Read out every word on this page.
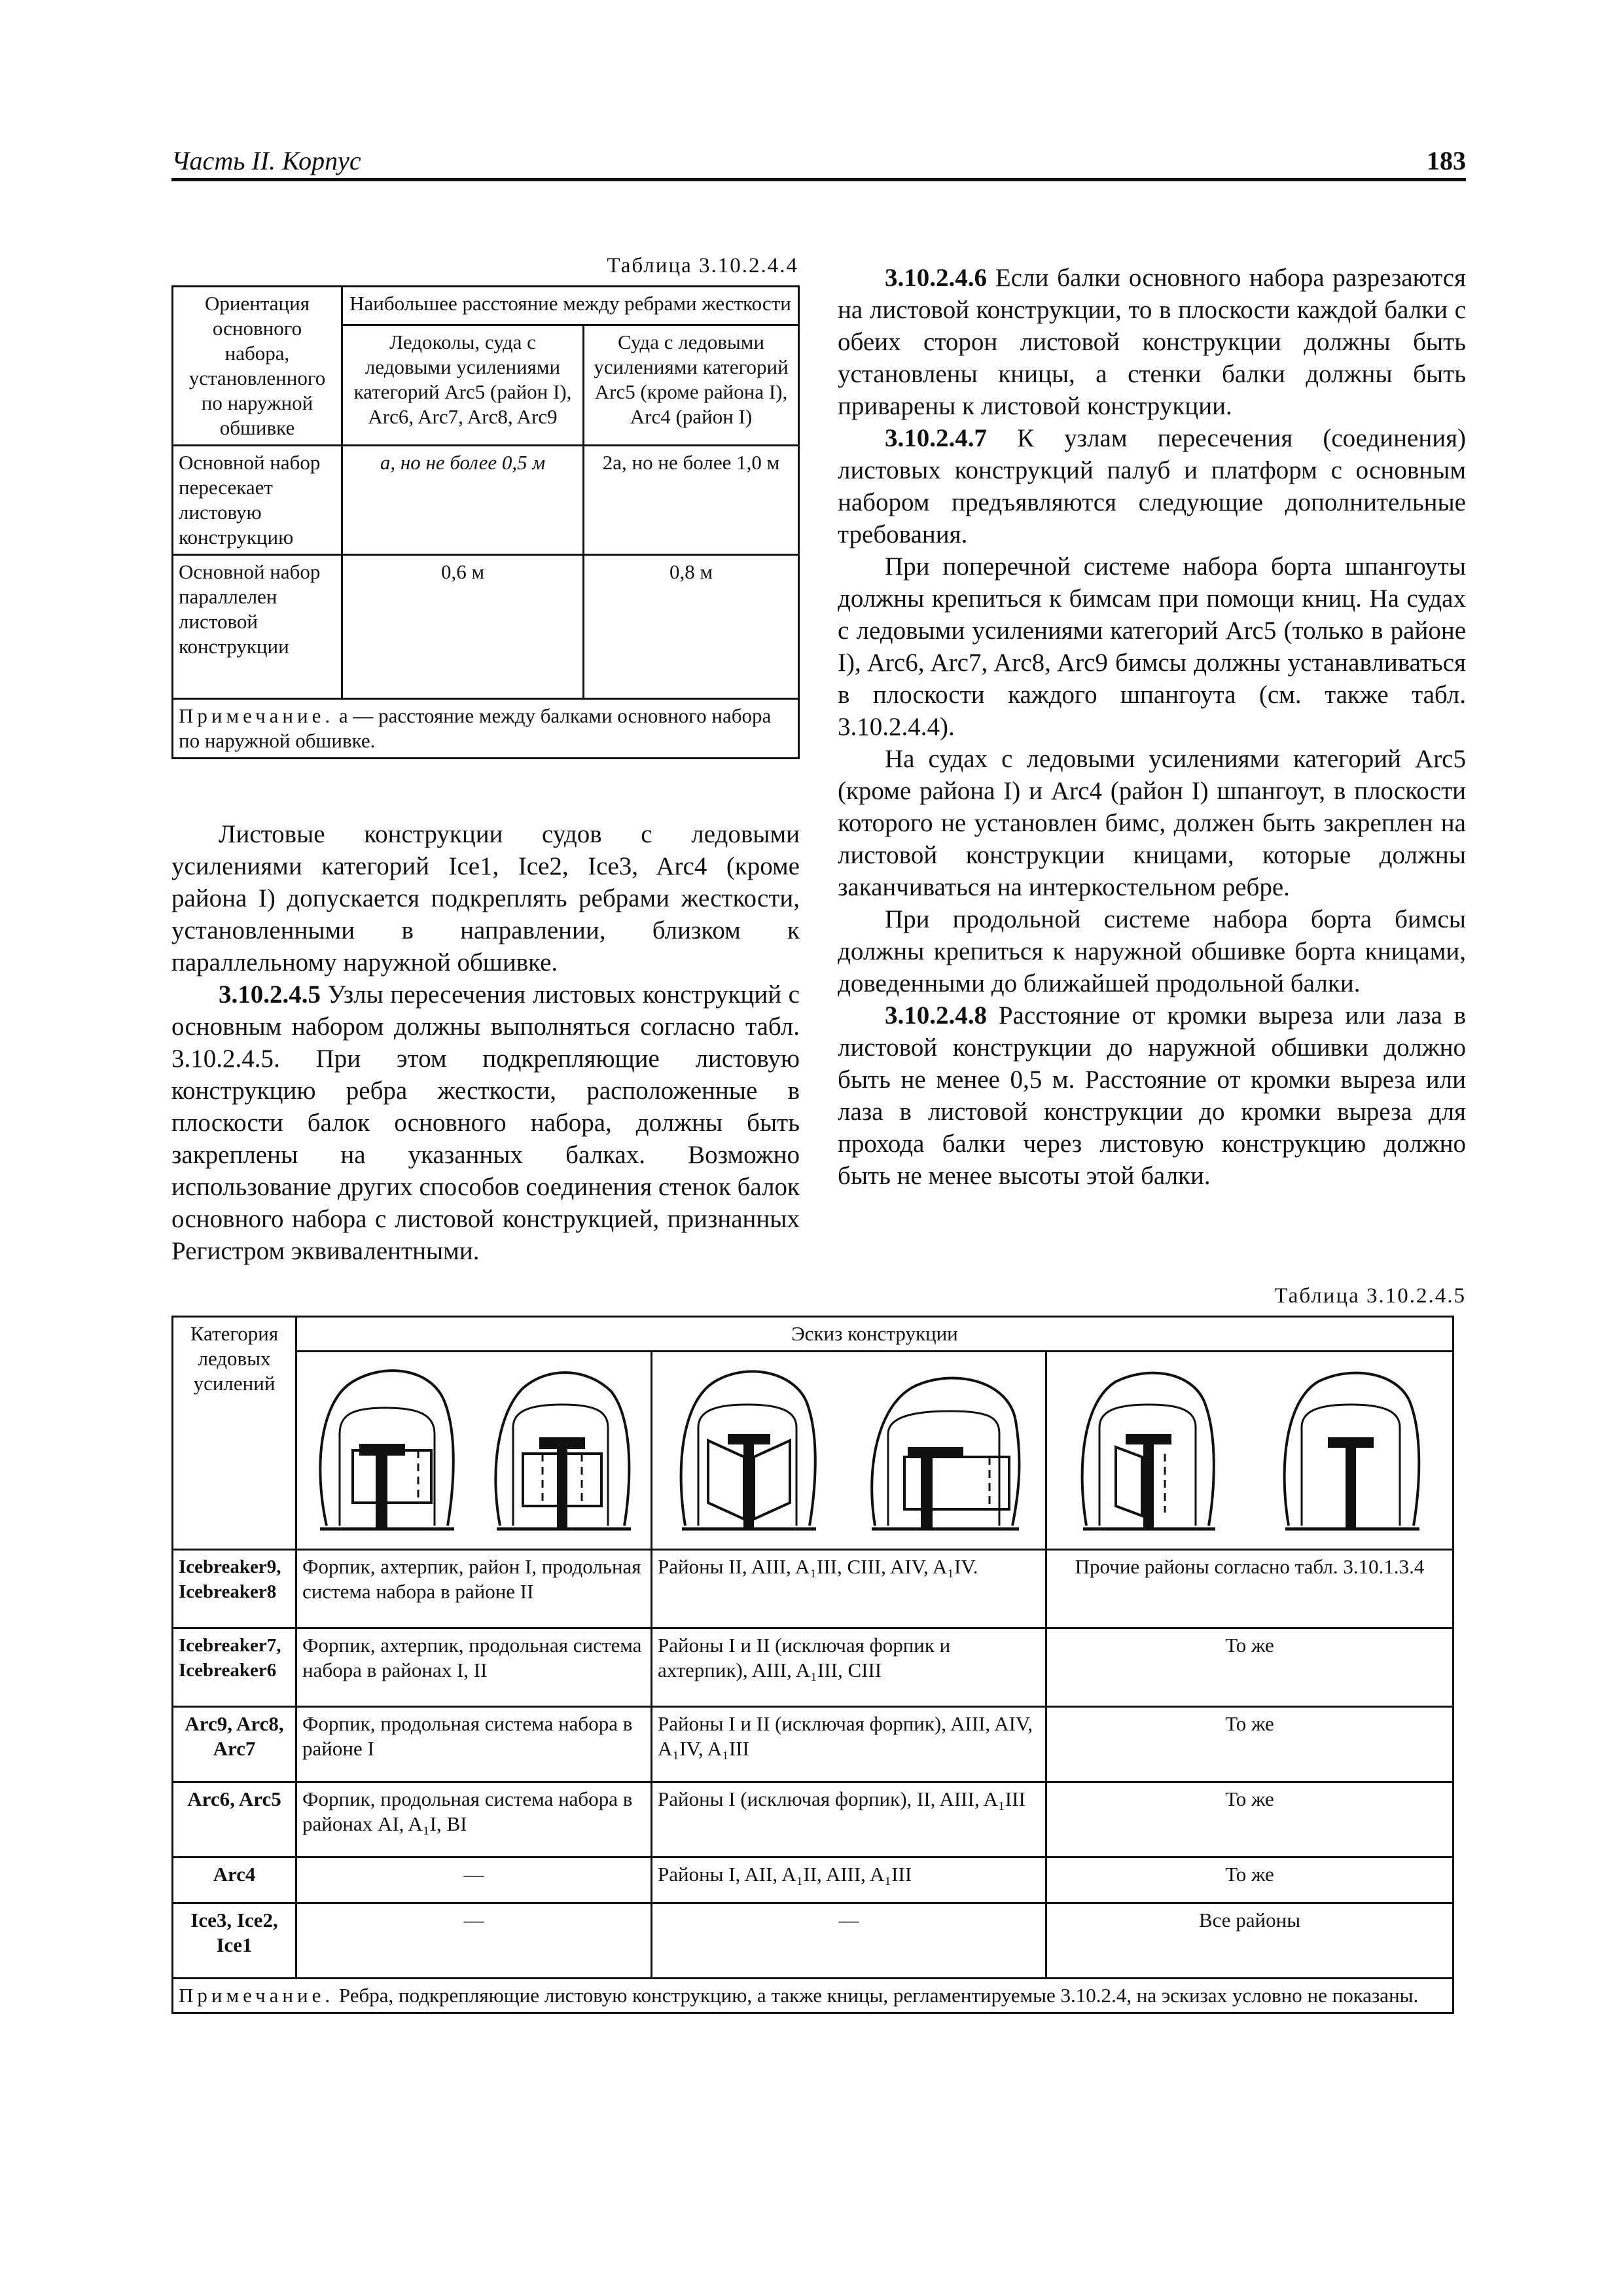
Часть II. Корпус	183
Таблица 3.10.2.4.4
Ориентация основного набора, установленного по наружной обшивке	Наибольшее расстояние между ребрами жесткости	
	Ледоколы, суда с ледовыми усилениями категорий Arc5 (район I), Arc6, Arc7, Arc8, Arc9	Суда с ледовыми усилениями категорий Arc5 (кроме района I), Arc4 (район I)
Основной набор пересекает листовую конструкцию	a, но не более 0,5 м	2a, но не более 1,0 м
Основной набор параллелен листовой конструкции	0,6 м	0,8 м
Примечание. a — расстояние между балками основного набора по наружной обшивке.		

Листовые конструкции судов с ледовыми усилениями категорий Ice1, Ice2, Ice3, Arc4 (кроме района I) допускается подкреплять ребрами жесткости, установленными в направлении, близком к параллельному наружной обшивке.

3.10.2.4.5 Узлы пересечения листовых конструкций с основным набором должны выполняться согласно табл. 3.10.2.4.5. При этом подкрепляющие листовую конструкцию ребра жесткости, расположенные в плоскости балок основного набора, должны быть закреплены на указанных балках. Возможно использование других способов соединения стенок балок основного набора с листовой конструкцией, признанных Регистром эквивалентными.

3.10.2.4.6 Если балки основного набора разрезаются на листовой конструкции, то в плоскости каждой балки с обеих сторон листовой конструкции должны быть установлены кницы, а стенки балки должны быть приварены к листовой конструкции.

3.10.2.4.7 К узлам пересечения (соединения) листовых конструкций палуб и платформ с основным набором предъявляются следующие дополнительные требования.

При поперечной системе набора борта шпангоуты должны крепиться к бимсам при помощи книц. На судах с ледовыми усилениями категорий Arc5 (только в районе I), Arc6, Arc7, Arc8, Arc9 бимсы должны устанавливаться в плоскости каждого шпангоута (см. также табл. 3.10.2.4.4).

На судах с ледовыми усилениями категорий Arc5 (кроме района I) и Arc4 (район I) шпангоут, в плоскости которого не установлен бимс, должен быть закреплен на листовой конструкции кницами, которые должны заканчиваться на интеркостельном ребре.

При продольной системе набора борта бимсы должны крепиться к наружной обшивке борта кницами, доведенными до ближайшей продольной балки.

3.10.2.4.8 Расстояние от кромки выреза или лаза в листовой конструкции до наружной обшивки должно быть не менее 0,5 м. Расстояние от кромки выреза или лаза в листовой конструкции до кромки выреза для прохода балки через листовую конструкцию должно быть не менее высоты этой балки.

Таблица 3.10.2.4.5
Категория ледовых усилений	Эскиз конструкции		

Icebreaker9, Icebreaker8	Форпик, ахтерпик, район I, продольная система набора в районе II	Районы II, AIII, A₁III, CIII, AIV, A₁IV.	Прочие районы согласно табл. 3.10.1.3.4
Icebreaker7, Icebreaker6	Форпик, ахтерпик, продольная система набора в районах I, II	Районы I и II (исключая форпик и ахтерпик), AIII, A₁III, CIII	То же
Arc9, Arc8, Arc7	Форпик, продольная система набора в районе I	Районы I и II (исключая форпик), AIII, AIV, A₁IV, A₁III	То же
Arc6, Arc5	Форпик, продольная система набора в районах AI, A₁I, BI	Районы I (исключая форпик), II, AIII, A₁III	То же
Arc4	—	Районы I, AII, A₁II, AIII, A₁III	То же
Ice3, Ice2, Ice1	—	—	Все районы
Примечание. Ребра, подкрепляющие листовую конструкцию, а также кницы, регламентируемые 3.10.2.4, на эскизах условно не показаны.			
